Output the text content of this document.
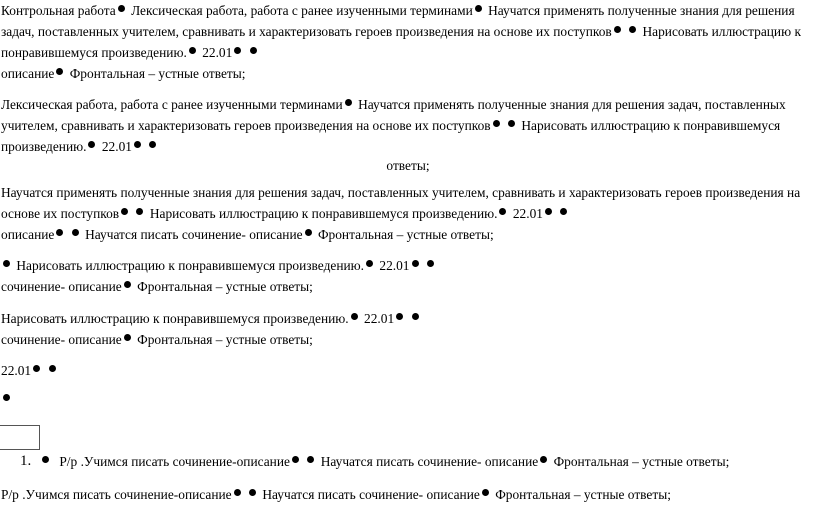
Контрольная работа Лексическая работа, работа с ранее изученными терминами Научатся применять полученные знания для решения задач, поставленных учителем, сравнивать и характеризовать героев произведения на основе их поступков Нарисовать иллюстрацию к понравившемуся произведению. 22.01
описание Фронтальная – устные ответы;
Лексическая работа, работа с ранее изученными терминами Научатся применять полученные знания для решения задач, поставленных учителем, сравнивать и характеризовать героев произведения на основе их поступков Нарисовать иллюстрацию к понравившемуся произведению. 22.01
ответы;
Научатся применять полученные знания для решения задач, поставленных учителем, сравнивать и характеризовать героев произведения на основе их поступков Нарисовать иллюстрацию к понравившемуся произведению. 22.01
описание Научатся писать сочинение- описание Фронтальная – устные ответы;
Нарисовать иллюстрацию к понравившемуся произведению. 22.01
сочинение- описание Фронтальная – устные ответы;
Нарисовать иллюстрацию к понравившемуся произведению. 22.01
сочинение- описание Фронтальная – устные ответы;
22.01
1.	Р/р .Учимся писать сочинение-описание Научатся писать сочинение- описание Фронтальная – устные ответы;
Р/р .Учимся писать сочинение-описание Научатся писать сочинение- описание Фронтальная – устные ответы;
